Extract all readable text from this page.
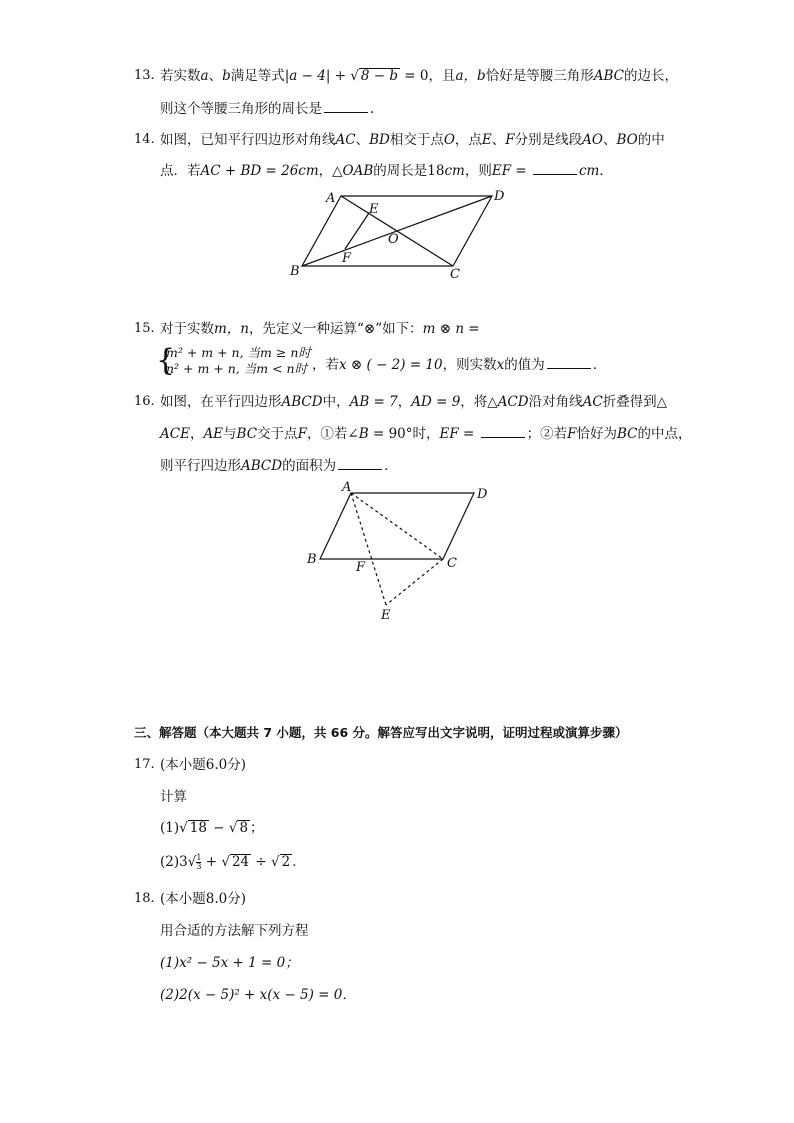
13. 若实数a、b满足等式|a − 4| + √ 8 − b = 0，且a，b恰好是等腰三角形ABC的边长，
则这个等腰三角形的周长是	.
14. 如图，已知平行四边形对角线AC、BD相交于点O，点E、F分别是线段AO、BO的中
点．若AC + BD = 26cm，△OAB的周长是18cm，则EF =	cm．
A	D
E
O
F
B	C
A	D
B
F	C
E
15. 对于实数m，n，先定义一种运算“⊗”如下：m ⊗ n =
{
m² + m + n, 当m ≥ n时
n² + m + n, 当m < n时 ，若x ⊗ ( − 2) = 10，则实数x的值为	．
16. 如图，在平行四边形ABCD中，AB = 7，AD = 9，将△ACD沿对角线AC折叠得到△
ACE，AE与BC交于点F，①若∠B = 90°时，EF =	；②若F恰好为BC的中点，
则平行四边形ABCD的面积为	．
三、解答题（本大题共 7 小题，共 66 分。解答应写出文字说明，证明过程或演算步骤）
17. (本小题6.0分)
计算
(1)√ 18 − √ 8 ；
$(2)3√ \frac{1}{3}$ + √ 24 ÷ √ 2 ．
18. (本小题8.0分)
用合适的方法解下列方程
(1)x² − 5x + 1 = 0；
(2)2(x − 5)² + x(x − 5) = 0．
